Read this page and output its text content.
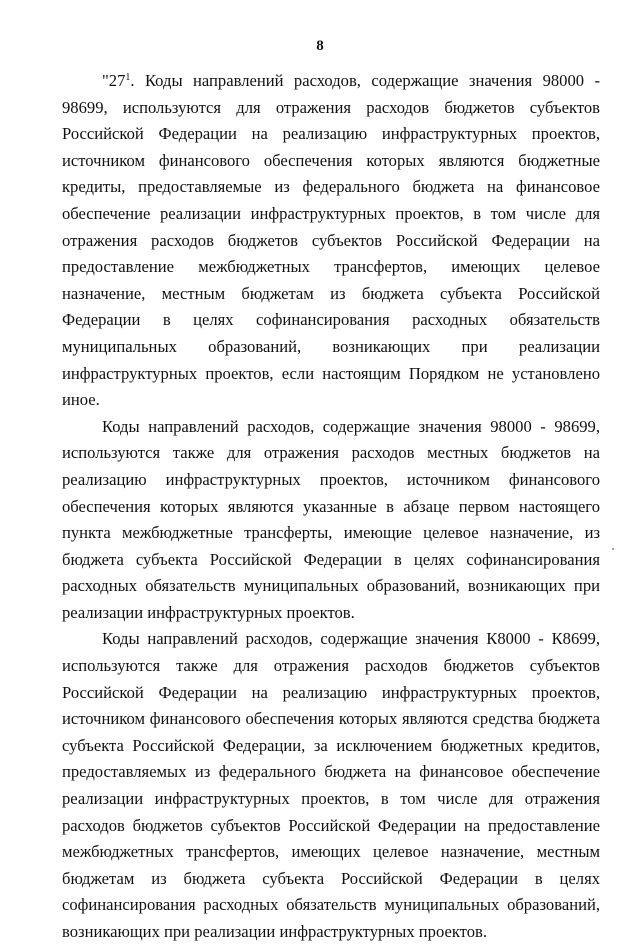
8

"$27^1$. Коды направлений расходов, содержащие значения 98000 - 98699, используются для отражения расходов бюджетов субъектов Российской Федерации на реализацию инфраструктурных проектов, источником финансового обеспечения которых являются бюджетные кредиты, предоставляемые из федерального бюджета на финансовое обеспечение реализации инфраструктурных проектов, в том числе для отражения расходов бюджетов субъектов Российской Федерации на предоставление межбюджетных трансфертов, имеющих целевое назначение, местным бюджетам из бюджета субъекта Российской Федерации в целях софинансирования расходных обязательств муниципальных образований, возникающих при реализации инфраструктурных проектов, если настоящим Порядком не установлено иное.

Коды направлений расходов, содержащие значения 98000 - 98699, используются также для отражения расходов местных бюджетов на реализацию инфраструктурных проектов, источником финансового обеспечения которых являются указанные в абзаце первом настоящего пункта межбюджетные трансферты, имеющие целевое назначение, из бюджета субъекта Российской Федерации в целях софинансирования расходных обязательств муниципальных образований, возникающих при реализации инфраструктурных проектов.

Коды направлений расходов, содержащие значения К8000 - К8699, используются также для отражения расходов бюджетов субъектов Российской Федерации на реализацию инфраструктурных проектов, источником финансового обеспечения которых являются средства бюджета субъекта Российской Федерации, за исключением бюджетных кредитов, предоставляемых из федерального бюджета на финансовое обеспечение реализации инфраструктурных проектов, в том числе для отражения расходов бюджетов субъектов Российской Федерации на предоставление межбюджетных трансфертов, имеющих целевое назначение, местным бюджетам из бюджета субъекта Российской Федерации в целях софинансирования расходных обязательств муниципальных образований, возникающих при реализации инфраструктурных проектов.
